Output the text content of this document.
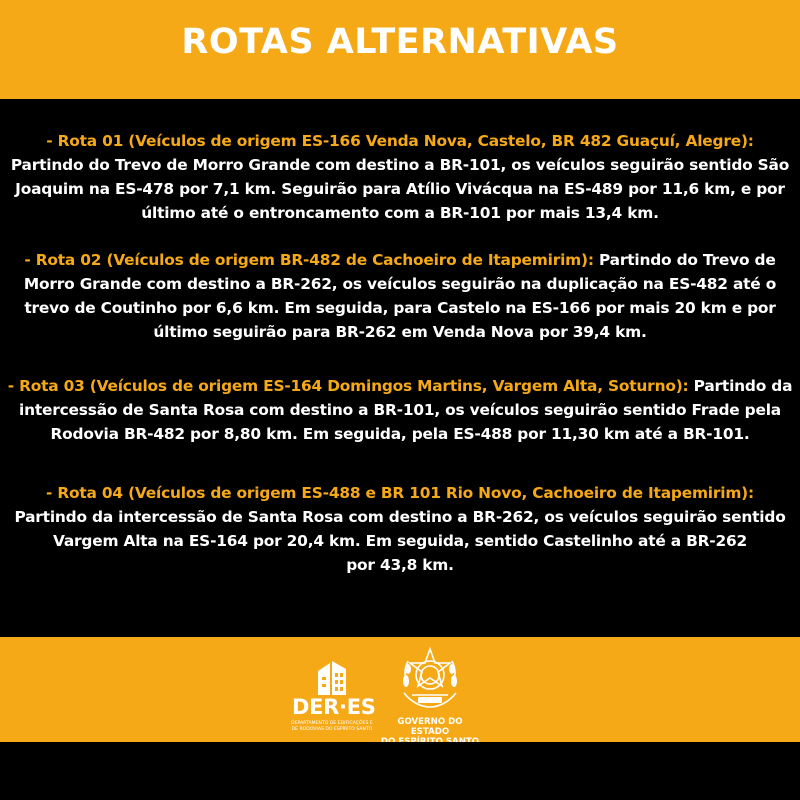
ROTAS ALTERNATIVAS
- Rota 01 (Veículos de origem ES-166 Venda Nova, Castelo, BR 482 Guaçuí, Alegre):
Partindo do Trevo de Morro Grande com destino a BR-101, os veículos seguirão sentido São Joaquim na ES-478 por 7,1 km. Seguirão para Atílio Vivácqua na ES-489 por 11,6 km, e por último até o entroncamento com a BR-101 por mais 13,4 km.
- Rota 02 (Veículos de origem BR-482 de Cachoeiro de Itapemirim): Partindo do Trevo de Morro Grande com destino a BR-262, os veículos seguirão na duplicação na ES-482 até o trevo de Coutinho por 6,6 km. Em seguida, para Castelo na ES-166 por mais 20 km e por último seguirão para BR-262 em Venda Nova por 39,4 km.
- Rota 03 (Veículos de origem ES-164 Domingos Martins, Vargem Alta, Soturno): Partindo da intercessão de Santa Rosa com destino a BR-101, os veículos seguirão sentido Frade pela Rodovia BR-482 por 8,80 km. Em seguida, pela ES-488 por 11,30 km até a BR-101.
- Rota 04 (Veículos de origem ES-488 e BR 101 Rio Novo, Cachoeiro de Itapemirim):
Partindo da intercessão de Santa Rosa com destino a BR-262, os veículos seguirão sentido Vargem Alta na ES-164 por 20,4 km. Em seguida, sentido Castelinho até a BR-262
por 43,8 km.
DER·ES
DEPARTAMENTO DE EDIFICAÇÕES E
DE RODOVIAS DO ESPÍRITO SANTO
GOVERNO DO ESTADO
